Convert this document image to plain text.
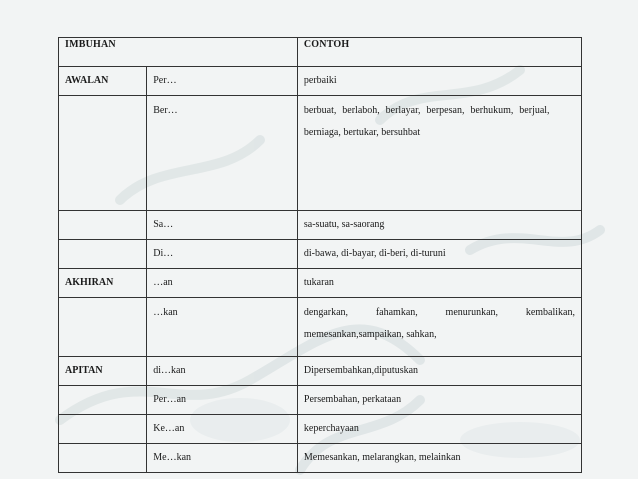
IMBUHAN		CONTOH
AWALAN	Per…	perbaiki
	Ber…	berbuat, berlaboh, berlayar, berpesan, berhukum, berjual,
berniaga, bertukar, bersuhbat

	Sa…	sa-suatu, sa-saorang
	Di…	di-bawa, di-bayar, di-beri, di-turuni
AKHIRAN	…an	tukaran
	…kan	dengarkan, fahamkan, menurunkan, kembalikan,
memesankan,sampaikan, sahkan,

APITAN	di…kan	Dipersembahkan,diputuskan
	Per…an	Persembahan, perkataan
	Ke…an	keperchayaan
	Me…kan	Memesankan, melarangkan, melainkan
